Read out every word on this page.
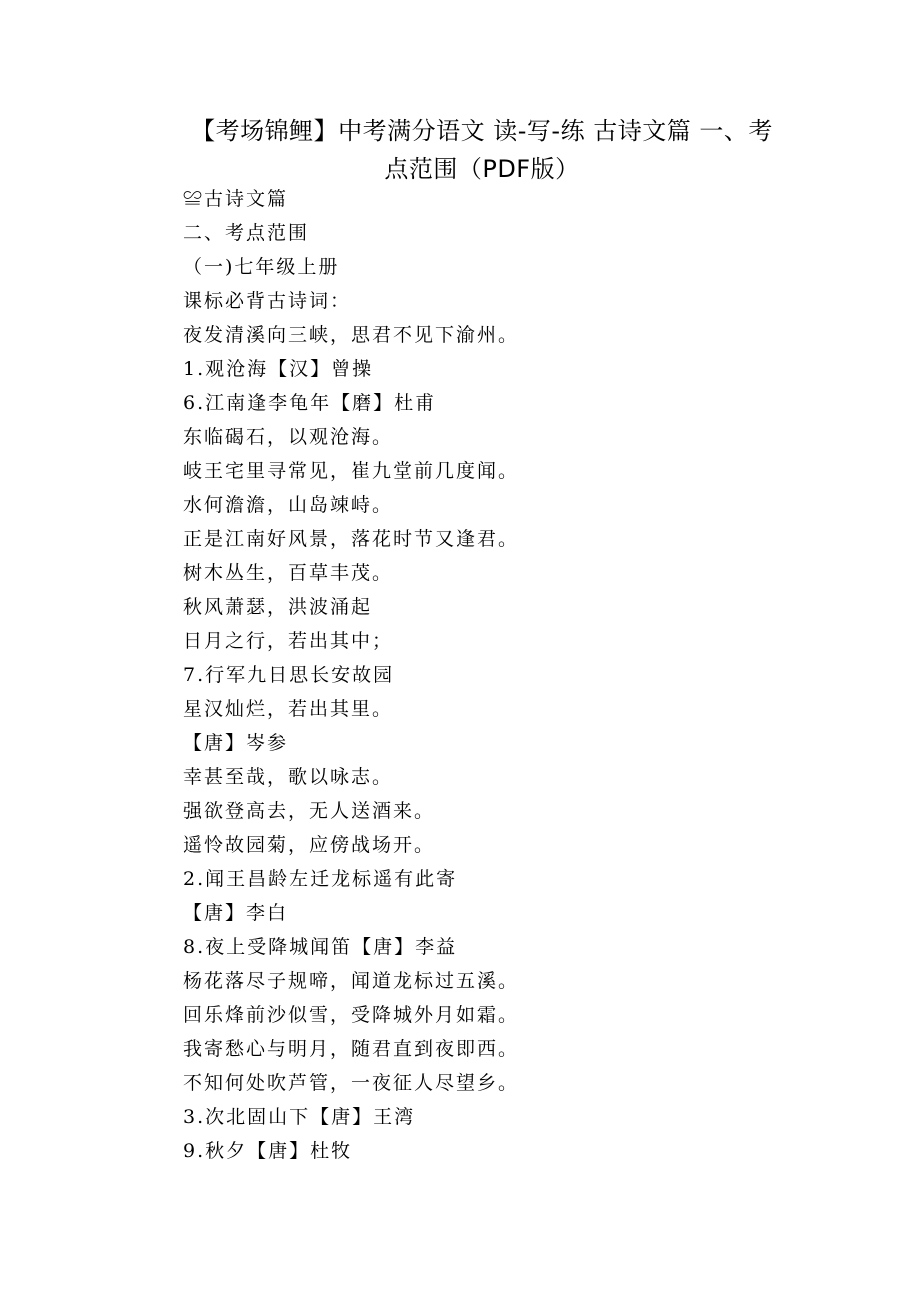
【考场锦鲤】中考满分语文 读-写-练 古诗文篇 一、考
点范围（PDF版）
≌古诗文篇
二、考点范围
（一)七年级上册
课标必背古诗词：
夜发清溪向三峡，思君不见下渝州。
1.观沧海【汉】曾操
6.江南逢李龟年【磨】杜甫
东临碣石，以观沧海。
岐王宅里寻常见，崔九堂前几度闻。
水何澹澹，山岛竦峙。
正是江南好风景，落花时节又逢君。
树木丛生，百草丰茂。
秋风萧瑟，洪波涌起
日月之行，若出其中；
7.行军九日思长安故园
星汉灿烂，若出其里。
【唐】岑参
幸甚至哉，歌以咏志。
强欲登高去，无人送酒来。
遥怜故园菊，应傍战场开。
2.闻王昌龄左迁龙标遥有此寄
【唐】李白
8.夜上受降城闻笛【唐】李益
杨花落尽子规啼，闻道龙标过五溪。
回乐烽前沙似雪，受降城外月如霜。
我寄愁心与明月，随君直到夜即西。
不知何处吹芦管，一夜征人尽望乡。
3.次北固山下【唐】王湾
9.秋夕【唐】杜牧
